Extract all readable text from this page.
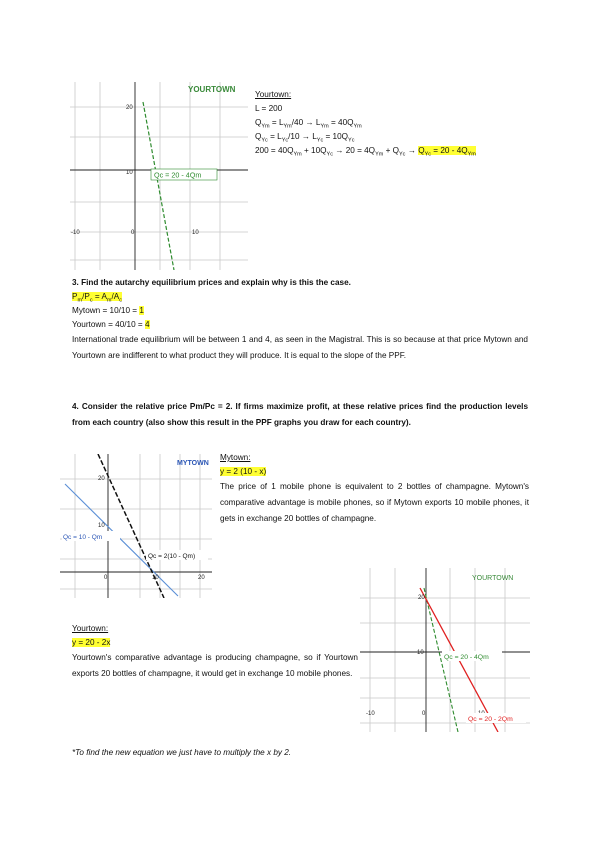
YOURTOWN
20
10
-10	0	10
Qc = 20 - 4Qm
Yourtown:
L = 200
$Q_{Ym} = L_{Ym}/40 \to L_{Ym} = 40Q_{Ym}$
$Q_{Yc} = L_{Yc}/10 \to L_{Yc} = 10Q_{Yc}$
$200 = 40Q_{Ym} + 10Q_{Yc} \to 20 = 4Q_{Ym} + Q_{Yc} \to Q_{Yc} = 20 - 4Q_{Ym}$
3. Find the autarchy equilibrium prices and explain why is this the case.
$P_m/P_c = A_m/A_c$
Mytown = 10/10 = 1
Yourtown = 40/10 = 4
International trade equilibrium will be between 1 and 4, as seen in the Magistral. This is so because at that price Mytown and Yourtown are indifferent to what product they will produce. It is equal to the slope of the PPF.
4. Consider the relative price Pm/Pc = 2. If firms maximize profit, at these relative prices find the production levels from each country (also show this result in the PPF graphs you draw for each country).
MYTOWN
20
10
0	10	20
Qc = 10 - Qm
Qc = 2(10 - Qm)
Mytown:
y = 2 (10 - x)
The price of 1 mobile phone is equivalent to 2 bottles of champagne. Mytown's comparative advantage is mobile phones, so if Mytown exports 10 mobile phones, it gets in exchange 20 bottles of champagne.
YOURTOWN
20
10
-10	0
Qc = 20 - 4Qm
Qc = 20 - 2Qm
Yourtown:
y = 20 - 2x
Yourtown's comparative advantage is producing champagne, so if Yourtown exports 20 bottles of champagne, it would get in exchange 10 mobile phones.
*To find the new equation we just have to multiply the x by 2.
